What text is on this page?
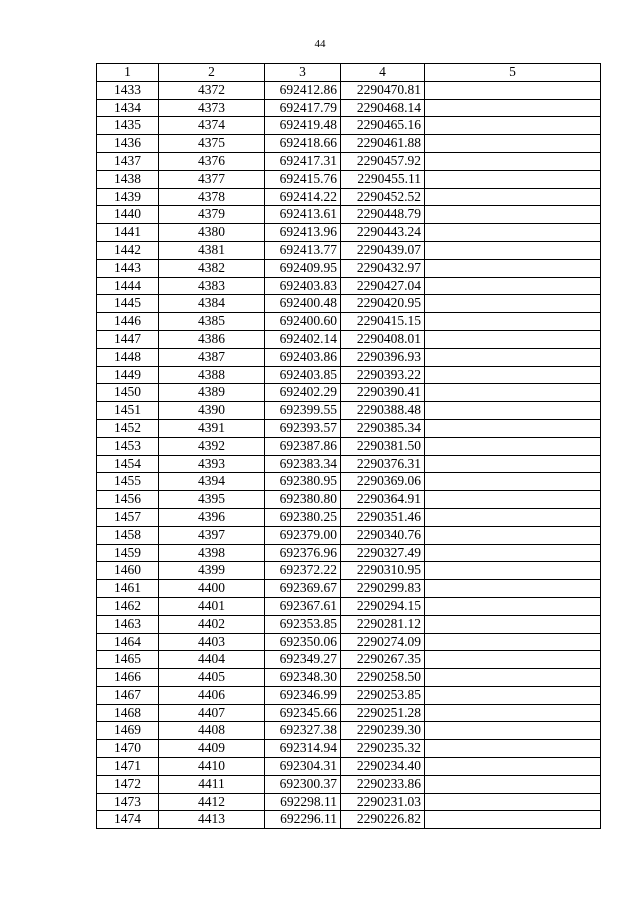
44
1	2	3	4	5
1433	4372	692412.86	2290470.81	
1434	4373	692417.79	2290468.14	
1435	4374	692419.48	2290465.16	
1436	4375	692418.66	2290461.88	
1437	4376	692417.31	2290457.92	
1438	4377	692415.76	2290455.11	
1439	4378	692414.22	2290452.52	
1440	4379	692413.61	2290448.79	
1441	4380	692413.96	2290443.24	
1442	4381	692413.77	2290439.07	
1443	4382	692409.95	2290432.97	
1444	4383	692403.83	2290427.04	
1445	4384	692400.48	2290420.95	
1446	4385	692400.60	2290415.15	
1447	4386	692402.14	2290408.01	
1448	4387	692403.86	2290396.93	
1449	4388	692403.85	2290393.22	
1450	4389	692402.29	2290390.41	
1451	4390	692399.55	2290388.48	
1452	4391	692393.57	2290385.34	
1453	4392	692387.86	2290381.50	
1454	4393	692383.34	2290376.31	
1455	4394	692380.95	2290369.06	
1456	4395	692380.80	2290364.91	
1457	4396	692380.25	2290351.46	
1458	4397	692379.00	2290340.76	
1459	4398	692376.96	2290327.49	
1460	4399	692372.22	2290310.95	
1461	4400	692369.67	2290299.83	
1462	4401	692367.61	2290294.15	
1463	4402	692353.85	2290281.12	
1464	4403	692350.06	2290274.09	
1465	4404	692349.27	2290267.35	
1466	4405	692348.30	2290258.50	
1467	4406	692346.99	2290253.85	
1468	4407	692345.66	2290251.28	
1469	4408	692327.38	2290239.30	
1470	4409	692314.94	2290235.32	
1471	4410	692304.31	2290234.40	
1472	4411	692300.37	2290233.86	
1473	4412	692298.11	2290231.03	
1474	4413	692296.11	2290226.82	
